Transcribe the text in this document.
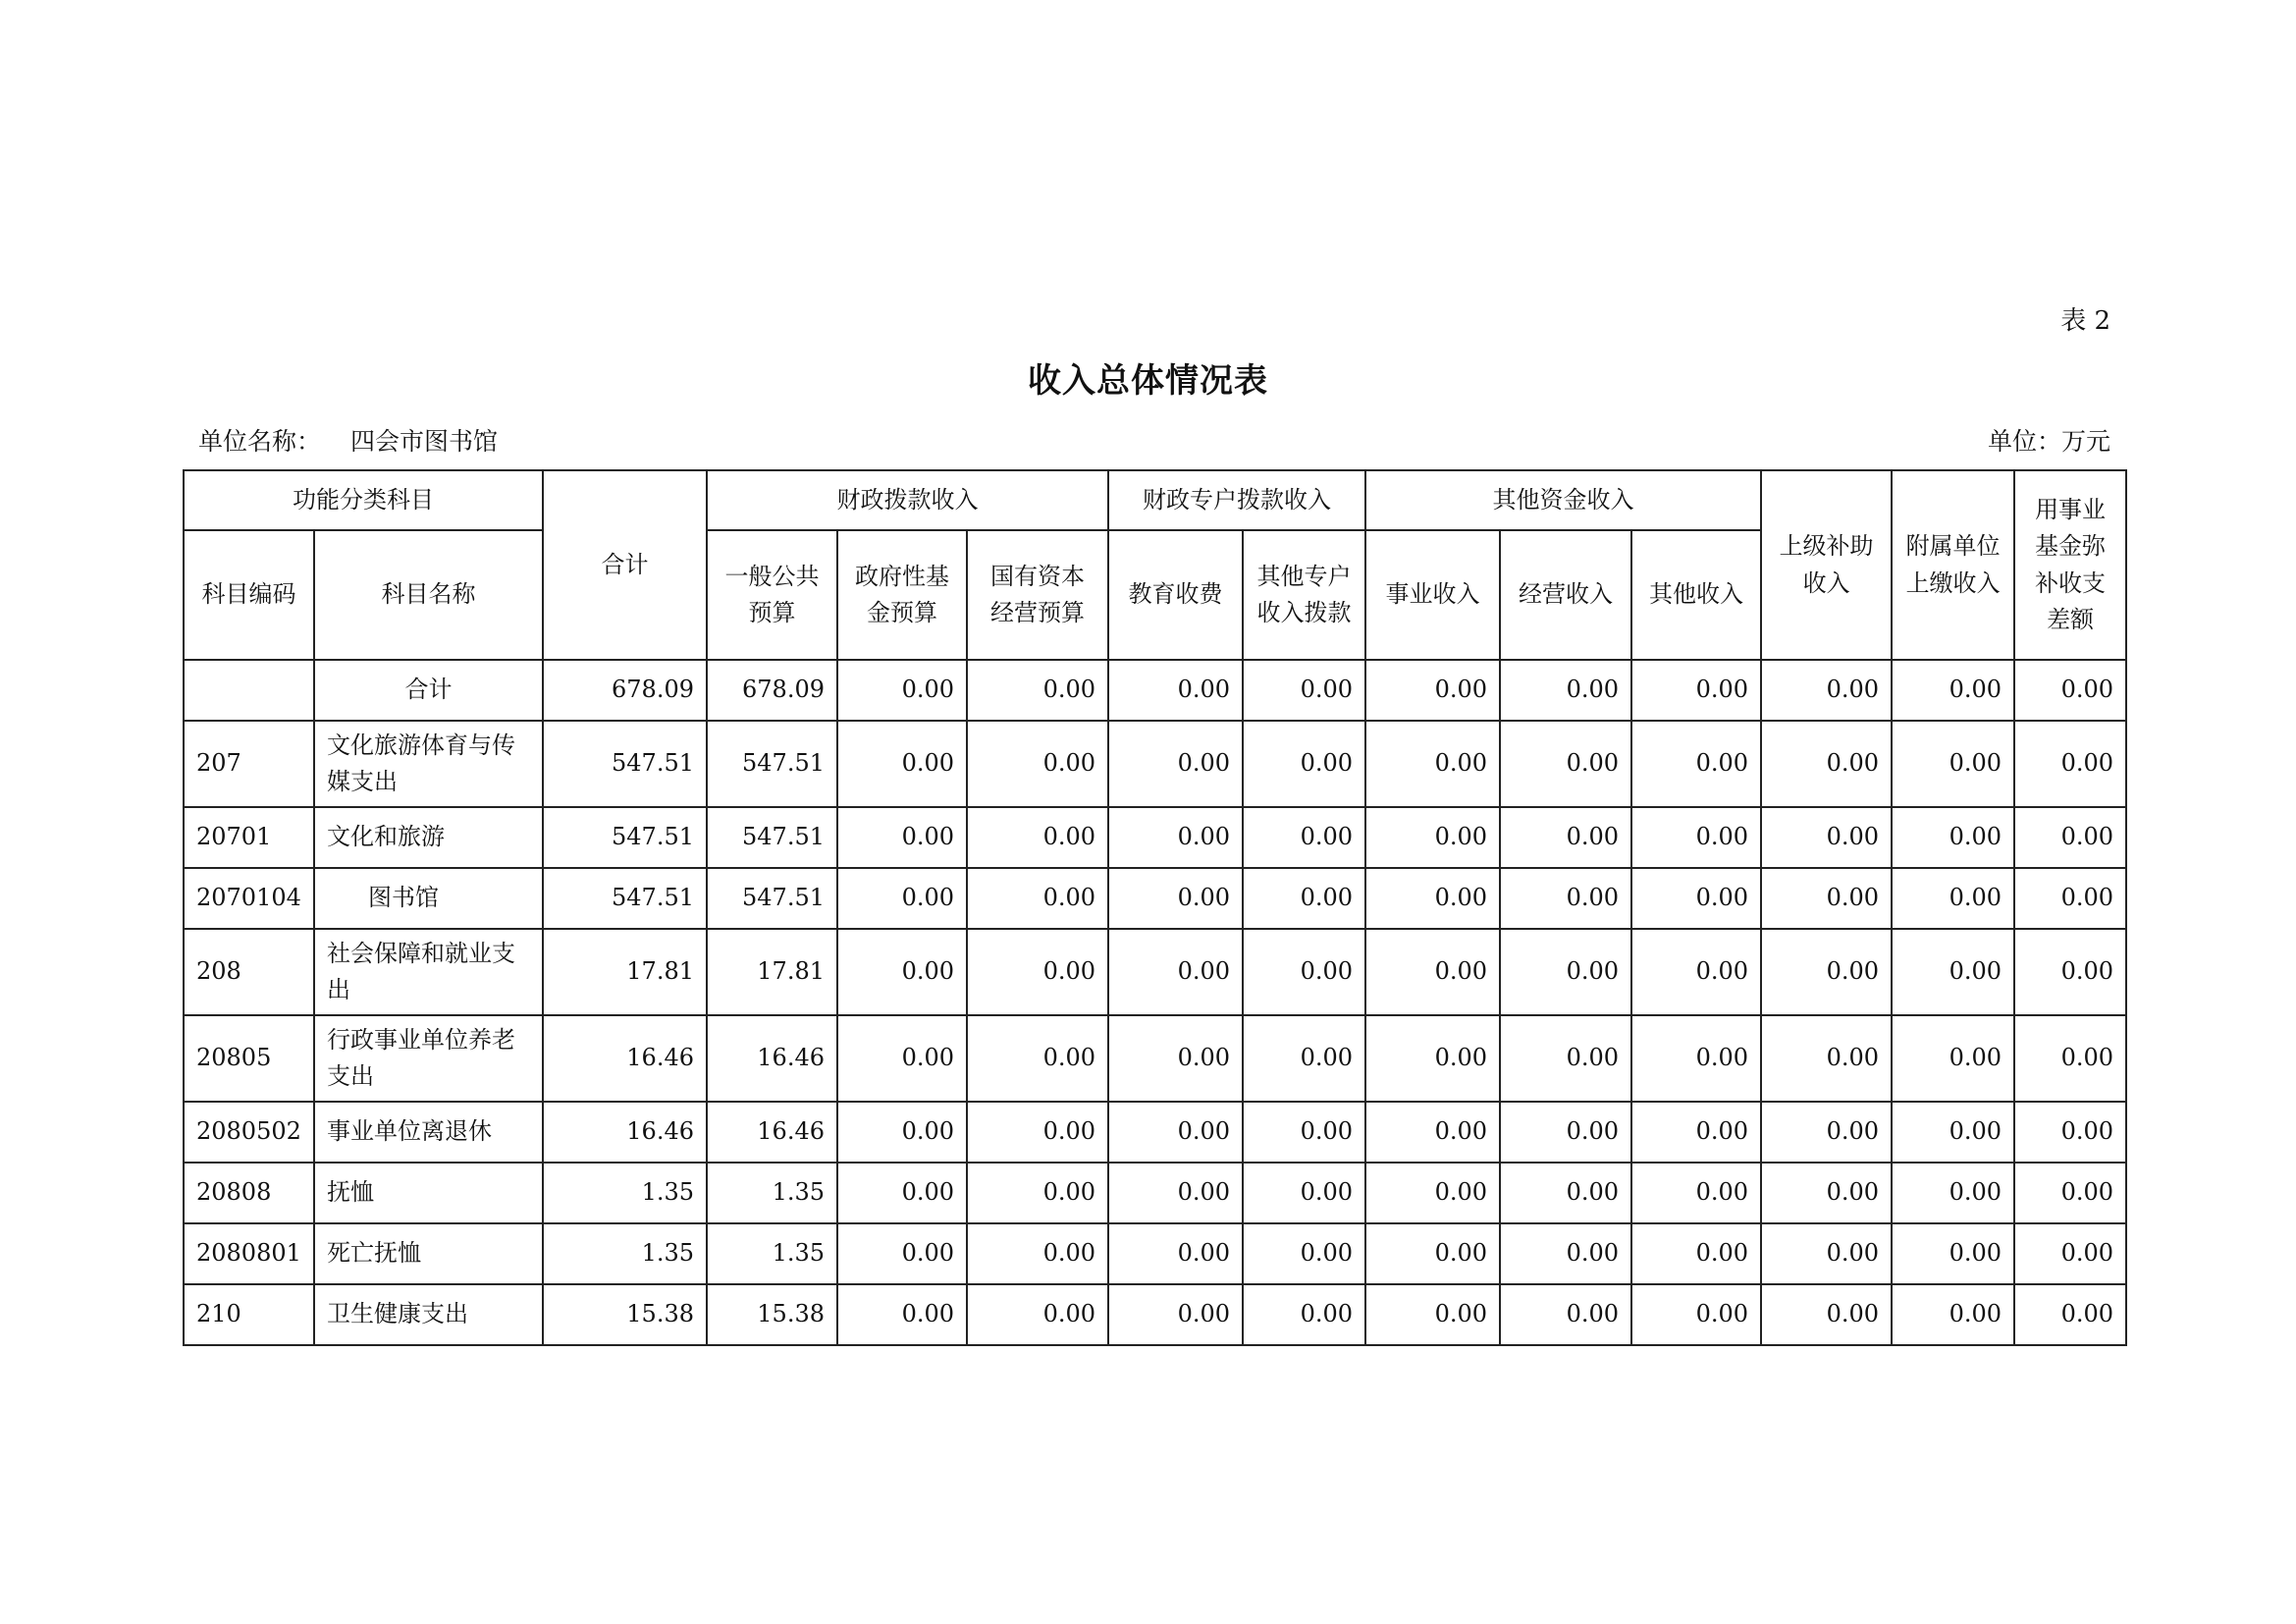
表 2
收入总体情况表
单位名称： 四会市图书馆	单位：万元
功能分类科目		合计	财政拨款收入			财政专户拨款收入		其他资金收入			上级补助收入	附属单位上缴收入	用事业基金弥补收支差额
科目编码	科目名称		一般公共预算	政府性基金预算	国有资本经营预算	教育收费	其他专户收入拨款	事业收入	经营收入	其他收入			
	合计	678.09	678.09	0.00	0.00	0.00	0.00	0.00	0.00	0.00	0.00	0.00	0.00
207	文化旅游体育与传媒支出	547.51	547.51	0.00	0.00	0.00	0.00	0.00	0.00	0.00	0.00	0.00	0.00
20701	文化和旅游	547.51	547.51	0.00	0.00	0.00	0.00	0.00	0.00	0.00	0.00	0.00	0.00
2070104	图书馆	547.51	547.51	0.00	0.00	0.00	0.00	0.00	0.00	0.00	0.00	0.00	0.00
208	社会保障和就业支出	17.81	17.81	0.00	0.00	0.00	0.00	0.00	0.00	0.00	0.00	0.00	0.00
20805	行政事业单位养老支出	16.46	16.46	0.00	0.00	0.00	0.00	0.00	0.00	0.00	0.00	0.00	0.00
2080502	事业单位离退休	16.46	16.46	0.00	0.00	0.00	0.00	0.00	0.00	0.00	0.00	0.00	0.00
20808	抚恤	1.35	1.35	0.00	0.00	0.00	0.00	0.00	0.00	0.00	0.00	0.00	0.00
2080801	死亡抚恤	1.35	1.35	0.00	0.00	0.00	0.00	0.00	0.00	0.00	0.00	0.00	0.00
210	卫生健康支出	15.38	15.38	0.00	0.00	0.00	0.00	0.00	0.00	0.00	0.00	0.00	0.00
